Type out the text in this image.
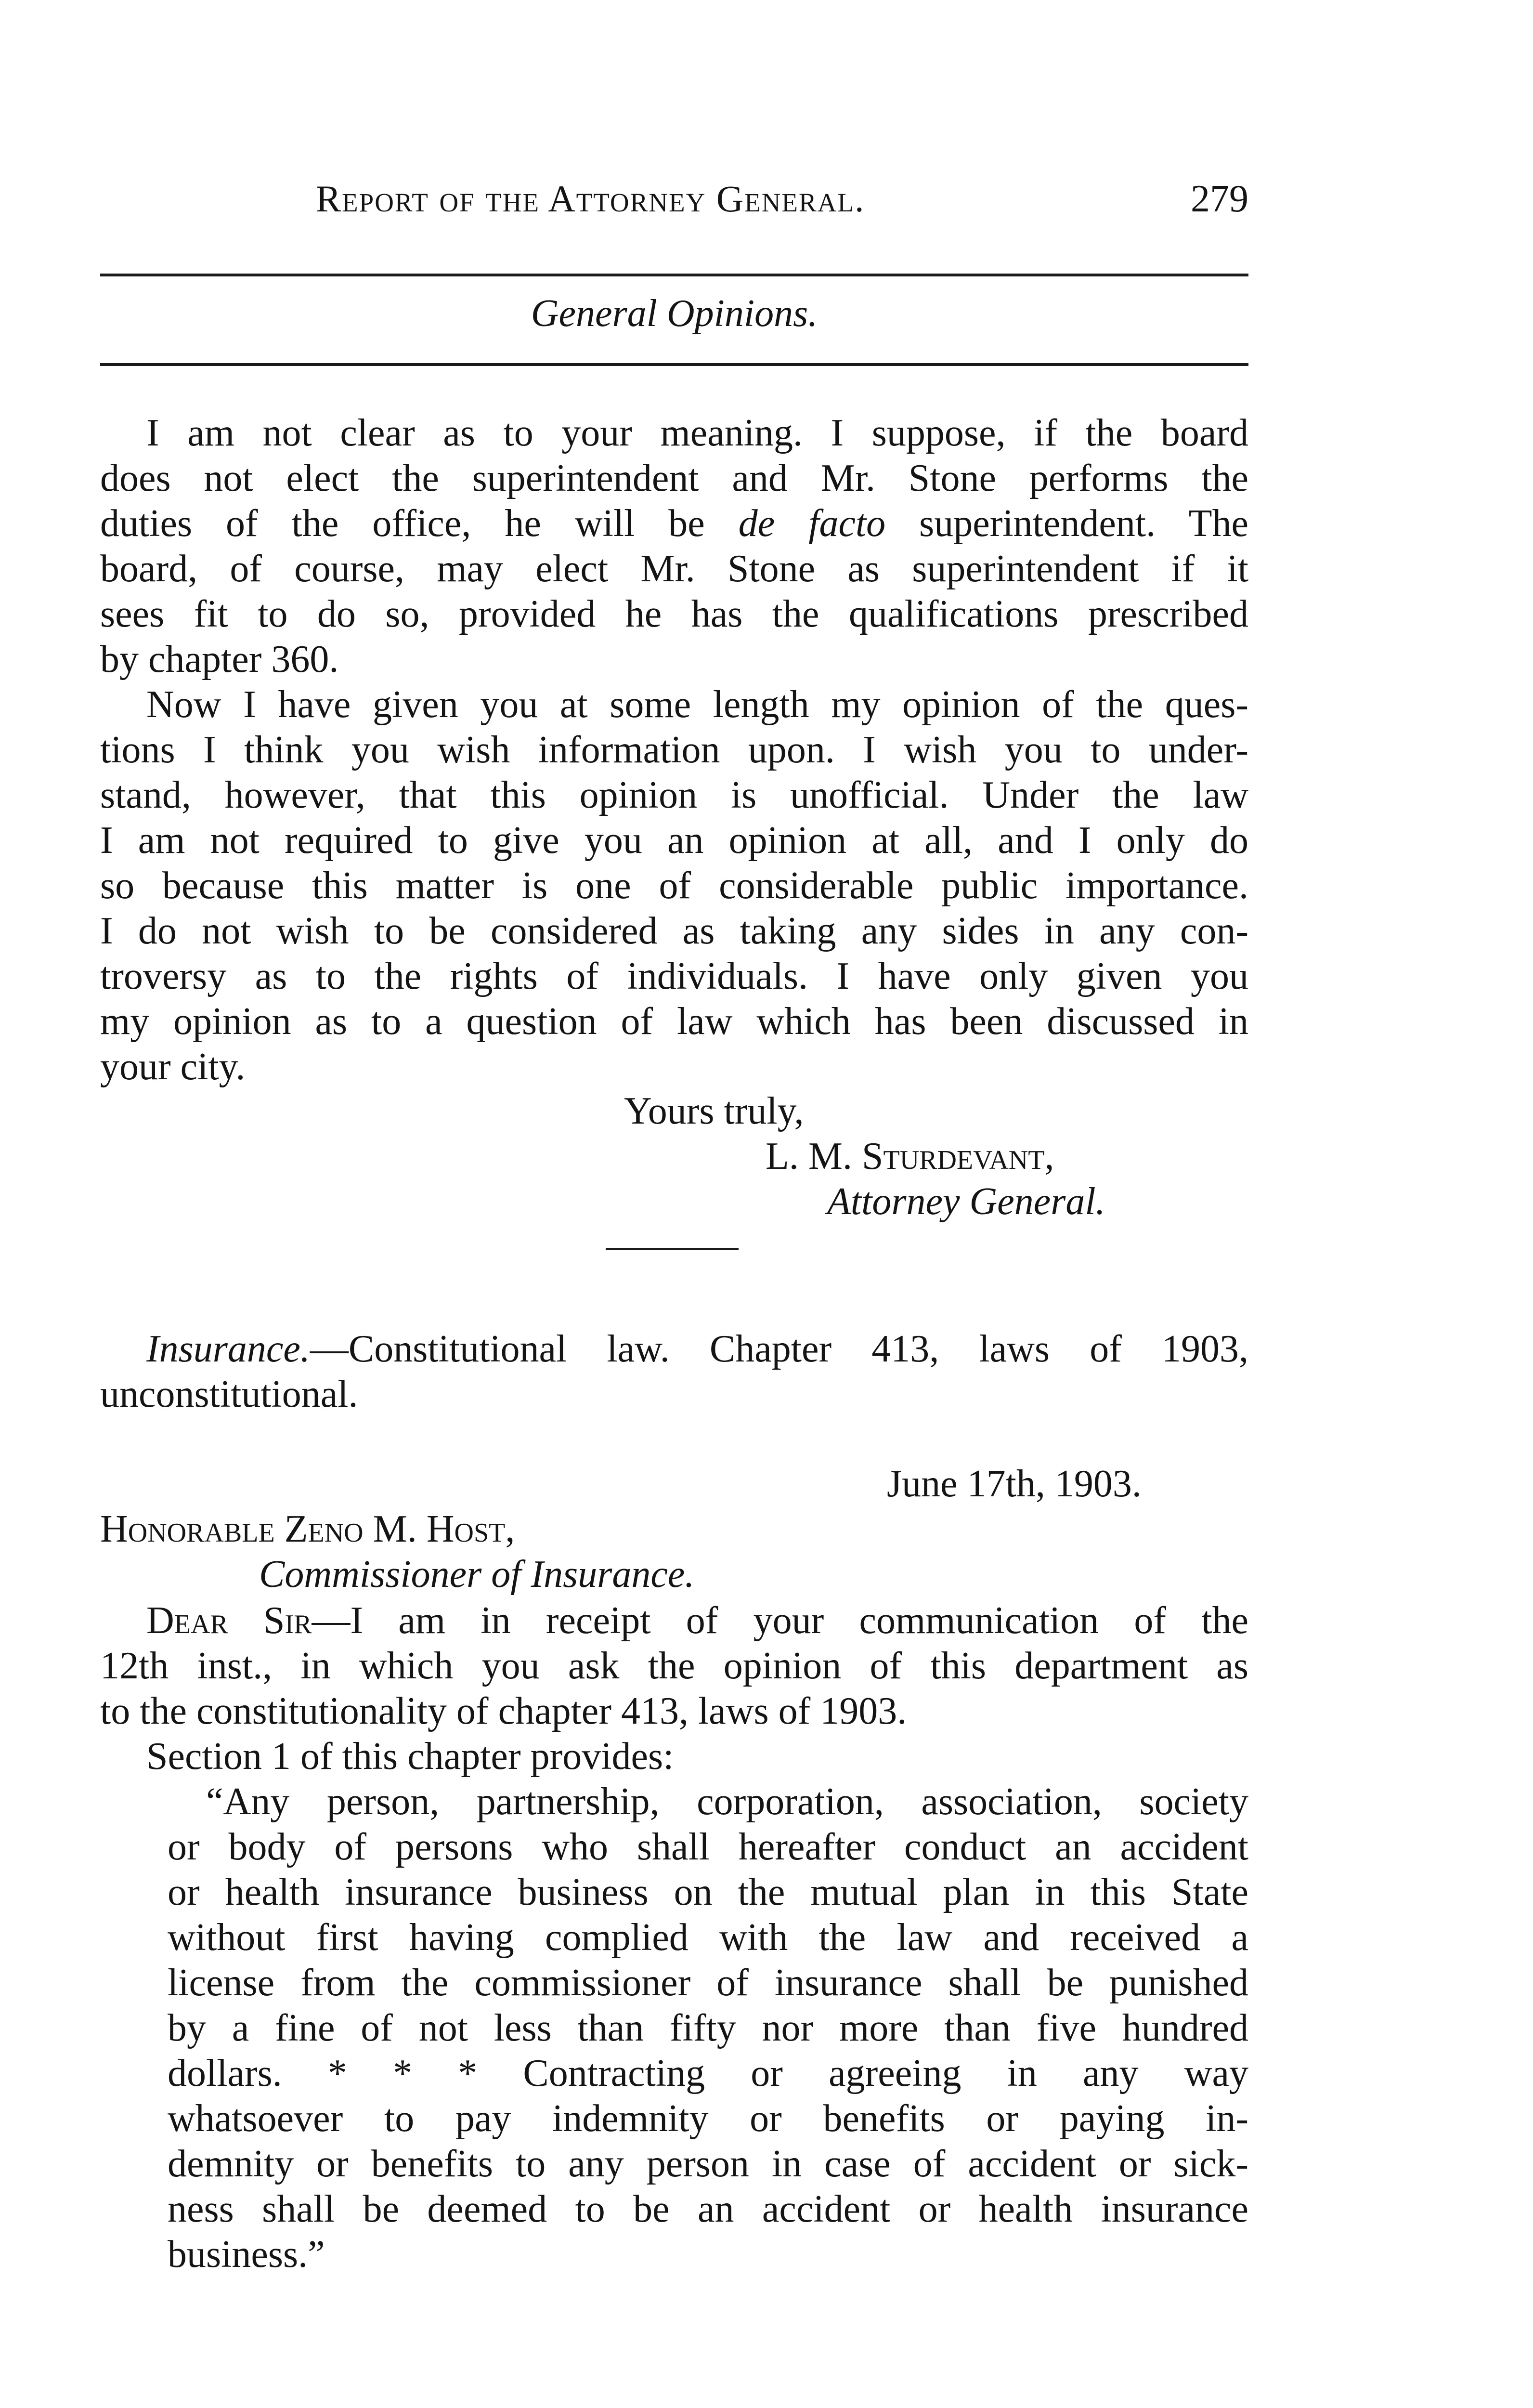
Report of the Attorney General.	279
General Opinions.
I am not clear as to your meaning. I suppose, if the board
does not elect the superintendent and Mr. Stone performs the
duties of the office, he will be de facto superintendent. The
board, of course, may elect Mr. Stone as superintendent if it
sees fit to do so, provided he has the qualifications prescribed
by chapter 360.
Now I have given you at some length my opinion of the ques-
tions I think you wish information upon. I wish you to under-
stand, however, that this opinion is unofficial. Under the law
I am not required to give you an opinion at all, and I only do
so because this matter is one of considerable public importance.
I do not wish to be considered as taking any sides in any con-
troversy as to the rights of individuals. I have only given you
my opinion as to a question of law which has been discussed in
your city.
Yours truly,
L. M. Sturdevant,
Attorney General.
Insurance.—Constitutional law. Chapter 413, laws of 1903,
unconstitutional.
June 17th, 1903.
Honorable Zeno M. Host,
Commissioner of Insurance.
Dear Sir—I am in receipt of your communication of the
12th inst., in which you ask the opinion of this department as
to the constitutionality of chapter 413, laws of 1903.
Section 1 of this chapter provides:
“Any person, partnership, corporation, association, society
or body of persons who shall hereafter conduct an accident
or health insurance business on the mutual plan in this State
without first having complied with the law and received a
license from the commissioner of insurance shall be punished
by a fine of not less than fifty nor more than five hundred
dollars. * * * Contracting or agreeing in any way
whatsoever to pay indemnity or benefits or paying in-
demnity or benefits to any person in case of accident or sick-
ness shall be deemed to be an accident or health insurance
business.”
